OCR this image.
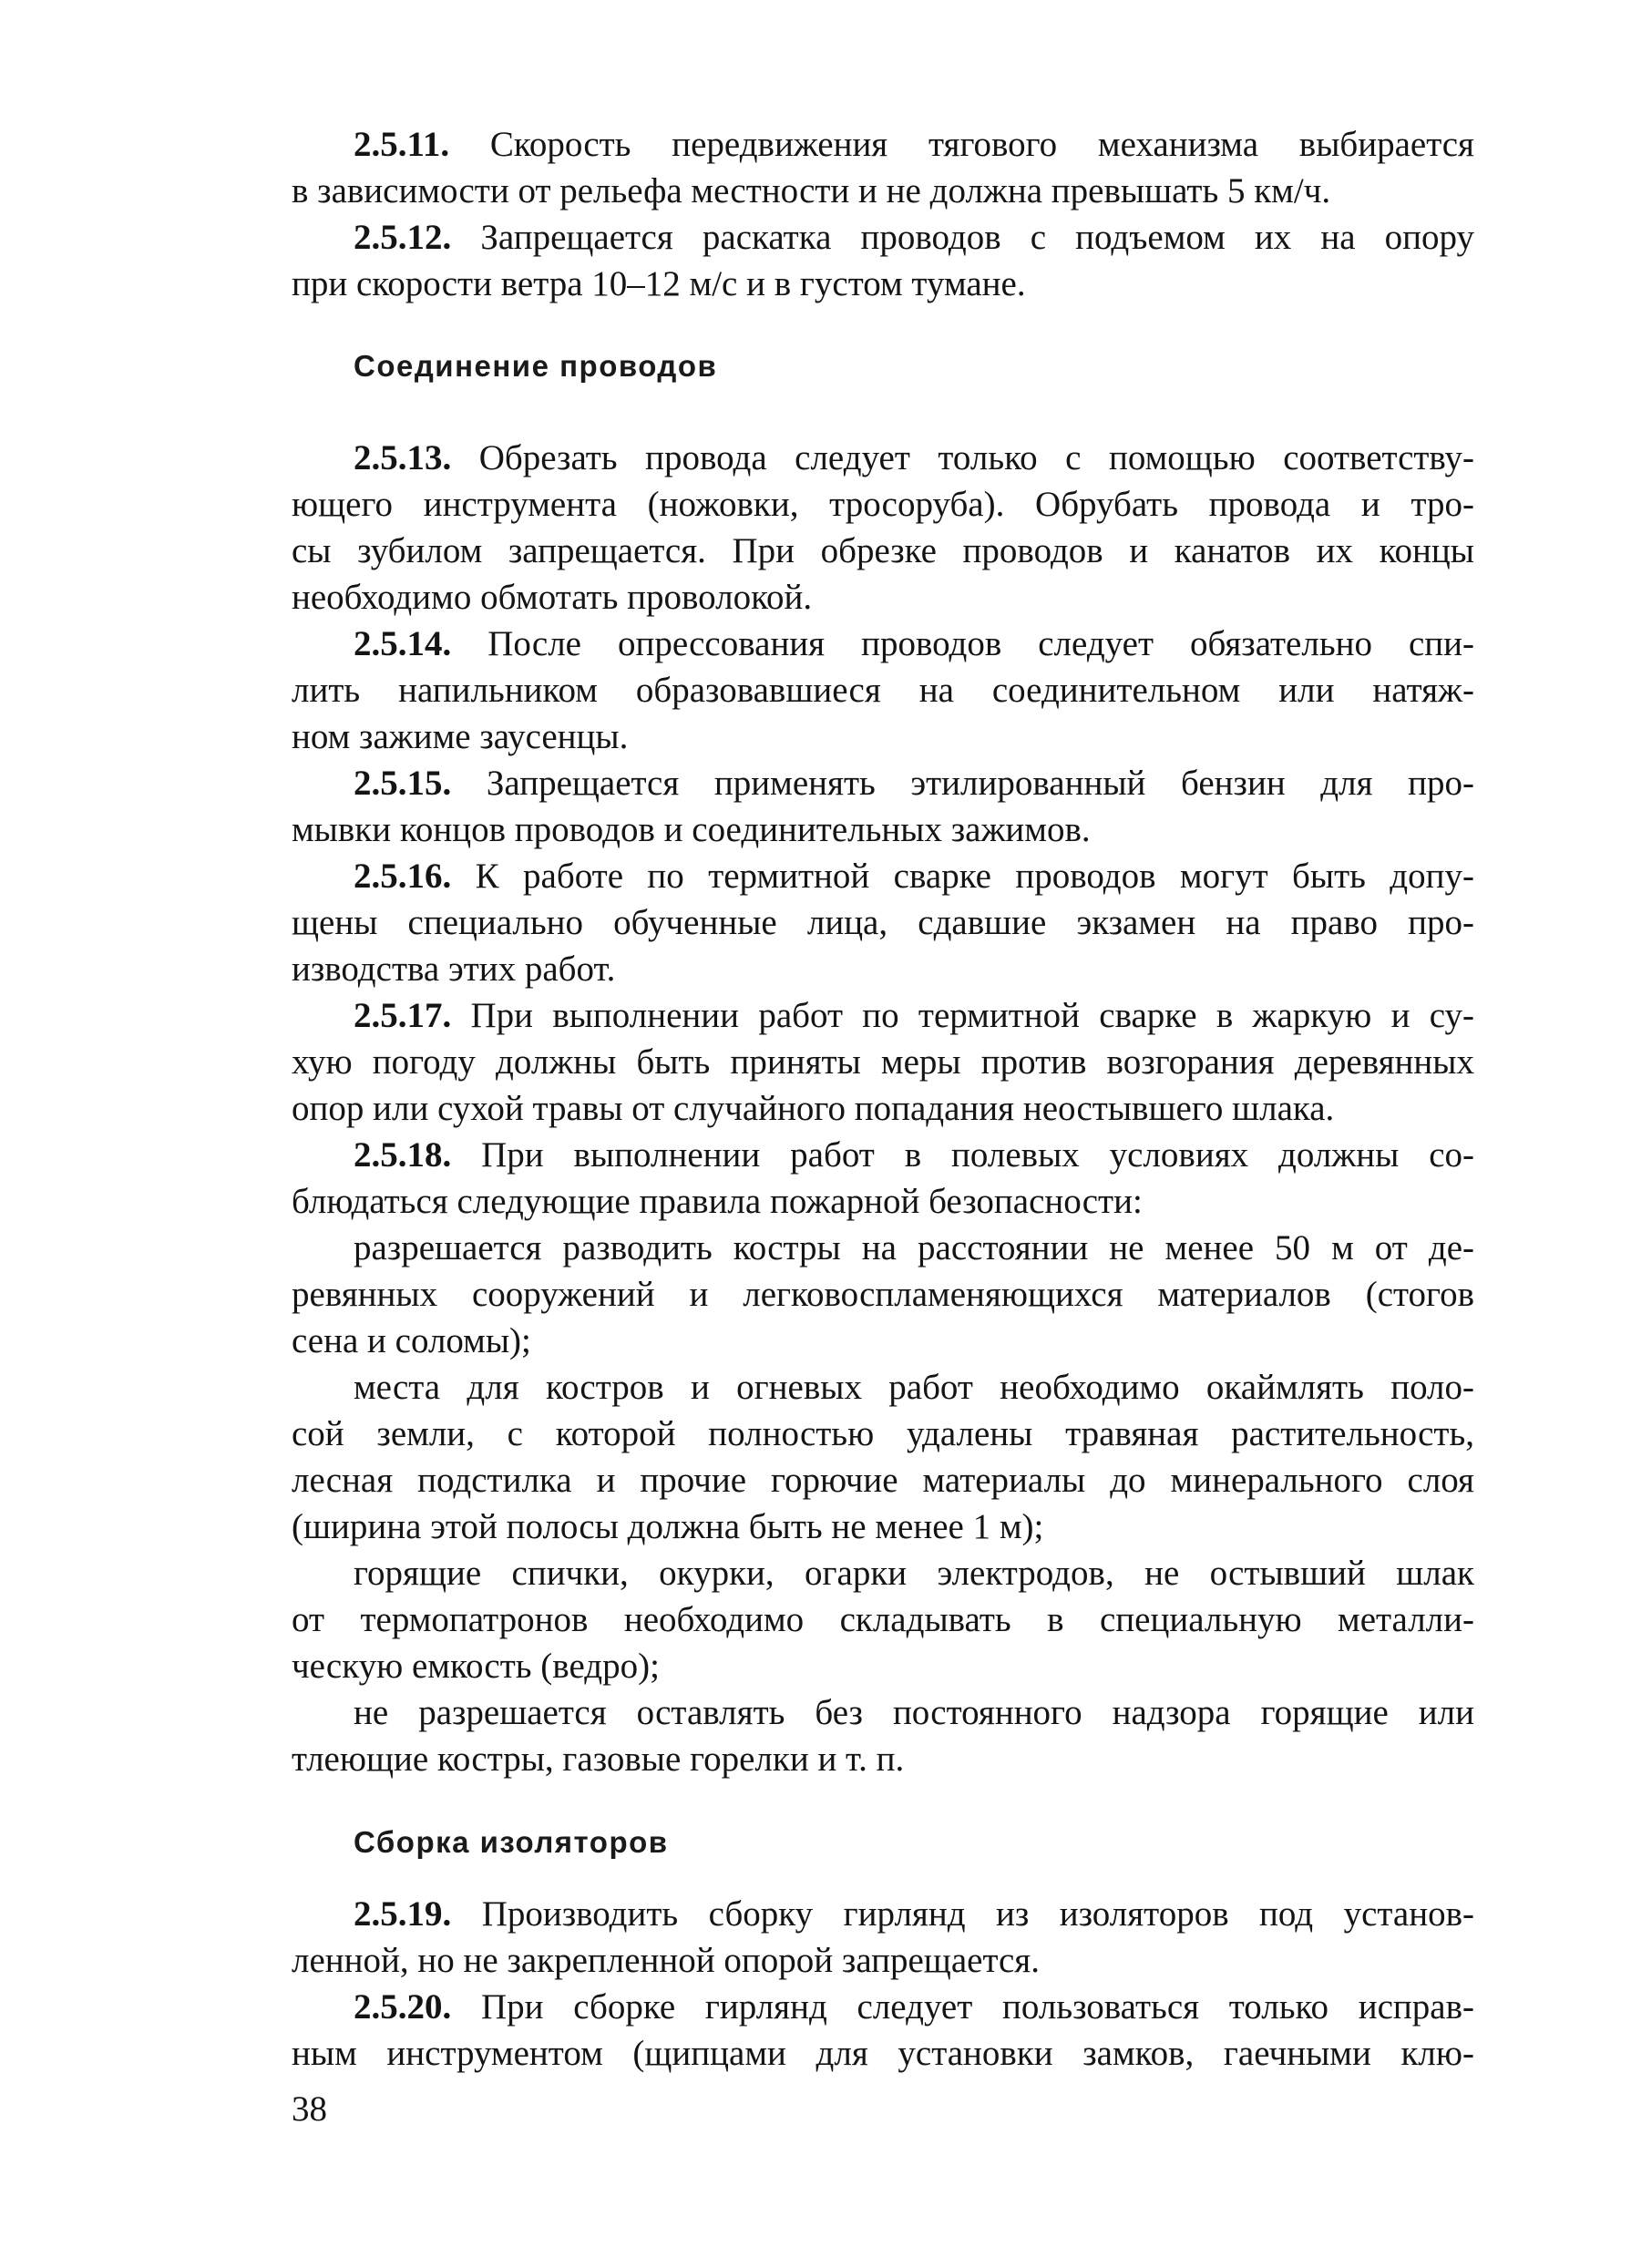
2.5.11. Скорость передвижения тягового механизма выбирается
в зависимости от рельефа местности и не должна превышать 5 км/ч.
2.5.12. Запрещается раскатка проводов с подъемом их на опору
при скорости ветра 10–12 м/с и в густом тумане.
Соединение проводов
2.5.13. Обрезать провода следует только с помощью соответству-
ющего инструмента (ножовки, тросоруба). Обрубать провода и тро-
сы зубилом запрещается. При обрезке проводов и канатов их концы
необходимо обмотать проволокой.
2.5.14. После опрессования проводов следует обязательно спи-
лить напильником образовавшиеся на соединительном или натяж-
ном зажиме заусенцы.
2.5.15. Запрещается применять этилированный бензин для про-
мывки концов проводов и соединительных зажимов.
2.5.16. К работе по термитной сварке проводов могут быть допу-
щены специально обученные лица, сдавшие экзамен на право про-
изводства этих работ.
2.5.17. При выполнении работ по термитной сварке в жаркую и су-
хую погоду должны быть приняты меры против возгорания деревянных
опор или сухой травы от случайного попадания неостывшего шлака.
2.5.18. При выполнении работ в полевых условиях должны со-
блюдаться следующие правила пожарной безопасности:
разрешается разводить костры на расстоянии не менее 50 м от де-
ревянных сооружений и легковоспламеняющихся материалов (стогов
сена и соломы);
места для костров и огневых работ необходимо окаймлять поло-
сой земли, с которой полностью удалены травяная растительность,
лесная подстилка и прочие горючие материалы до минерального слоя
(ширина этой полосы должна быть не менее 1 м);
горящие спички, окурки, огарки электродов, не остывший шлак
от термопатронов необходимо складывать в специальную металли-
ческую емкость (ведро);
не разрешается оставлять без постоянного надзора горящие или
тлеющие костры, газовые горелки и т. п.
Сборка изоляторов
2.5.19. Производить сборку гирлянд из изоляторов под установ-
ленной, но не закрепленной опорой запрещается.
2.5.20. При сборке гирлянд следует пользоваться только исправ-
ным инструментом (щипцами для установки замков, гаечными клю-
38
